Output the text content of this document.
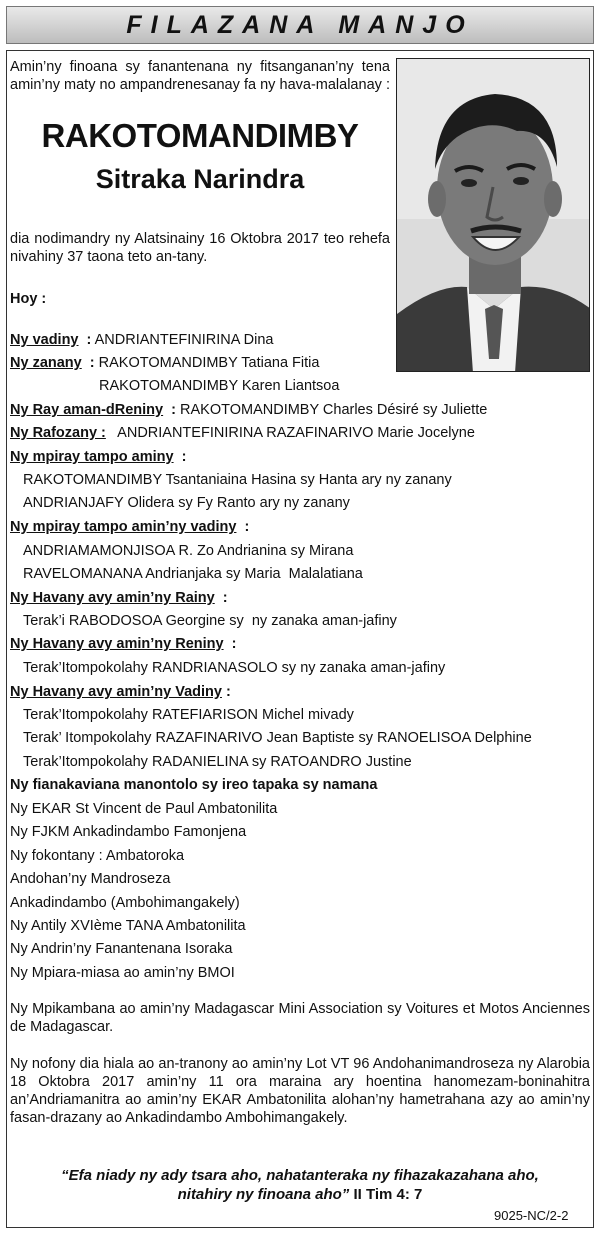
FILAZANA MANJO
Amin’ny finoana sy fanantenana ny fitsanganan’ny tena amin’ny maty no ampandrenesanay fa ny hava-malalanay :
RAKOTOMANDIMBY
Sitraka Narindra
dia nodimandry ny Alatsinainy 16 Oktobra 2017 teo rehefa nivahiny 37 taona teto an-tany.
Hoy :
Ny vadiny  : ANDRIANTEFINIRINA Dina
Ny zanany  : RAKOTOMANDIMBY Tatiana Fitia
RAKOTOMANDIMBY Karen Liantsoa
Ny Ray aman-dReniny  : RAKOTOMANDIMBY Charles Désiré sy Juliette
Ny Rafozany :   ANDRIANTEFINIRINA RAZAFINARIVO Marie Jocelyne
Ny mpiray tampo aminy  :
RAKOTOMANDIMBY Tsantaniaina Hasina sy Hanta ary ny zanany
ANDRIANJAFY Olidera sy Fy Ranto ary ny zanany
Ny mpiray tampo amin’ny vadiny  :
ANDRIAMAMONJISOA R. Zo Andrianina sy Mirana
RAVELOMANANA Andrianjaka sy Maria  Malalatiana
Ny Havany avy amin’ny Rainy  :
Terak’i RABODOSOA Georgine sy  ny zanaka aman-jafiny
Ny Havany avy amin’ny Reniny  :
Terak’Itompokolahy RANDRIANASOLO sy ny zanaka aman-jafiny
Ny Havany avy amin’ny Vadiny :
Terak’Itompokolahy RATEFIARISON Michel mivady
Terak’ Itompokolahy RAZAFINARIVO Jean Baptiste sy RANOELISOA Delphine
Terak’Itompokolahy RADANIELINA sy RATOANDRO Justine
Ny fianakaviana manontolo sy ireo tapaka sy namana
Ny EKAR St Vincent de Paul Ambatonilita
Ny FJKM Ankadindambo Famonjena
Ny fokontany : Ambatoroka
Andohan’ny Mandroseza
Ankadindambo (Ambohimangakely)
Ny Antily XVIème TANA Ambatonilita
Ny Andrin’ny Fanantenana Isoraka
Ny Mpiara-miasa ao amin’ny BMOI
Ny Mpikambana ao amin’ny Madagascar Mini Association sy Voitures et Motos Anciennes de Madagascar.
Ny nofony dia hiala ao an-tranony ao amin’ny Lot VT 96 Andohanimandroseza ny Alarobia 18 Oktobra 2017 amin’ny 11 ora maraina ary hoentina hanomezam-boninahitra an’Andriamanitra ao amin’ny EKAR Ambatonilita alohan’ny hametrahana azy ao amin’ny fasan-drazany ao Ankadindambo Ambohimangakely.
“Efa niady ny ady tsara aho, nahatanteraka ny fihazakazahana aho,
nitahiry ny finoana aho” II Tim 4: 7
9025-NC/2-2
